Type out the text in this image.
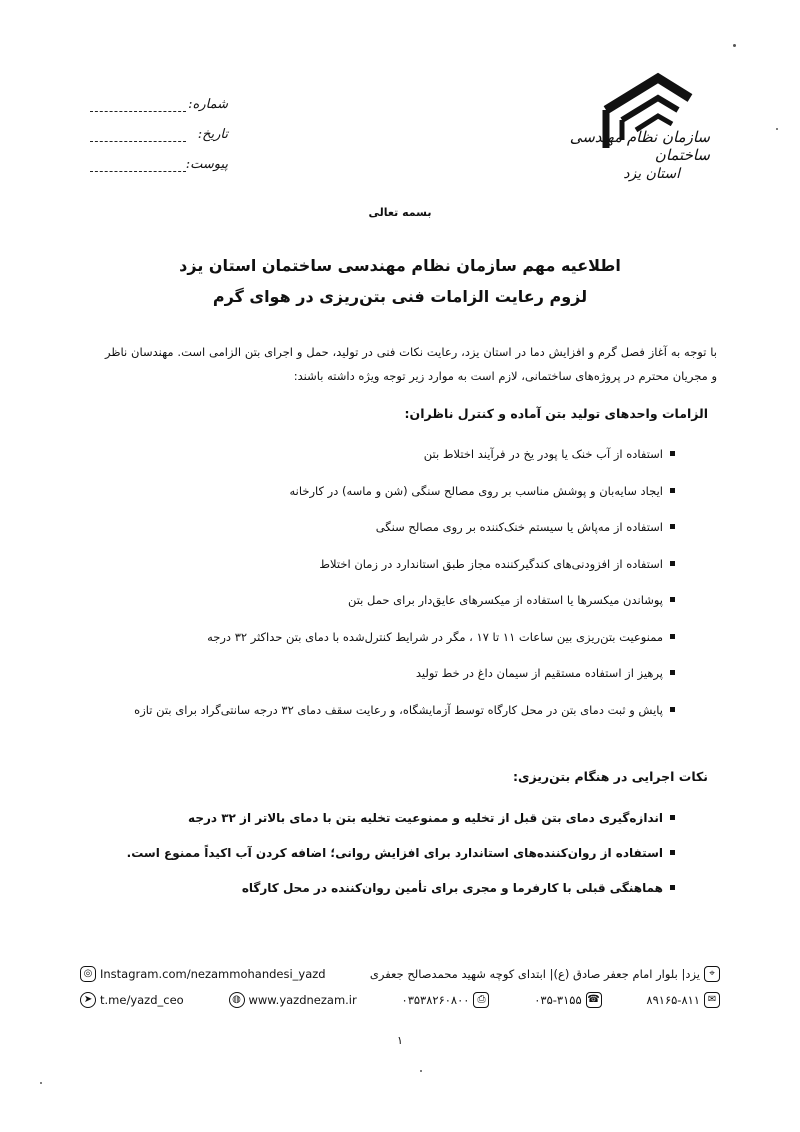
سازمان نظام مهندسی ساختمان
استان یزد
شماره:
تاریخ:
پیوست:
بسمه تعالی
اطلاعیه مهم سازمان نظام مهندسی ساختمان استان یزد
لزوم رعایت الزامات فنی بتن‌ریزی در هوای گرم
با توجه به آغاز فصل گرم و افزایش دما در استان یزد، رعایت نکات فنی در تولید، حمل و اجرای بتن الزامی است. مهندسان ناظر و مجریان محترم در پروژه‌های ساختمانی، لازم است به موارد زیر توجه ویژه داشته باشند:
الزامات واحدهای تولید بتن آماده و کنترل ناظران:
استفاده از آب خنک یا پودر یخ در فرآیند اختلاط بتن
ایجاد سایه‌بان و پوشش مناسب بر روی مصالح سنگی (شن و ماسه) در کارخانه
استفاده از مه‌پاش یا سیستم خنک‌کننده بر روی مصالح سنگی
استفاده از افزودنی‌های کندگیرکننده مجاز طبق استاندارد در زمان اختلاط
پوشاندن میکسرها یا استفاده از میکسرهای عایق‌دار برای حمل بتن
ممنوعیت بتن‌ریزی بین ساعات ۱۱ تا ۱۷ ، مگر در شرایط کنترل‌شده با دمای بتن حداکثر ۳۲ درجه
پرهیز از استفاده مستقیم از سیمان داغ در خط تولید
پایش و ثبت دمای بتن در محل کارگاه توسط آزمایشگاه، و رعایت سقف دمای ۳۲ درجه سانتی‌گراد برای بتن تازه
نکات اجرایی در هنگام بتن‌ریزی:
اندازه‌گیری دمای بتن قبل از تخلیه و ممنوعیت تخلیه بتن با دمای بالاتر از ۳۲ درجه
استفاده از روان‌کننده‌های استاندارد برای افزایش روانی؛ اضافه کردن آب اکیداً ممنوع است.
هماهنگی قبلی با کارفرما و مجری برای تأمین روان‌کننده در محل کارگاه
⌖
یزد| بلوار امام جعفر صادق (ع)| ابتدای کوچه شهید محمدصالح جعفری
◎ Instagram.com/nezammohandesi_yazd
✉
۸۹۱۶۵-۸۱۱
☎
۰۳۵-۳۱۵۵
⎙
۰۳۵۳۸۲۶۰۸۰۰
◍ www.yazdnezam.ir
➤ t.me/yazd_ceo
۱
